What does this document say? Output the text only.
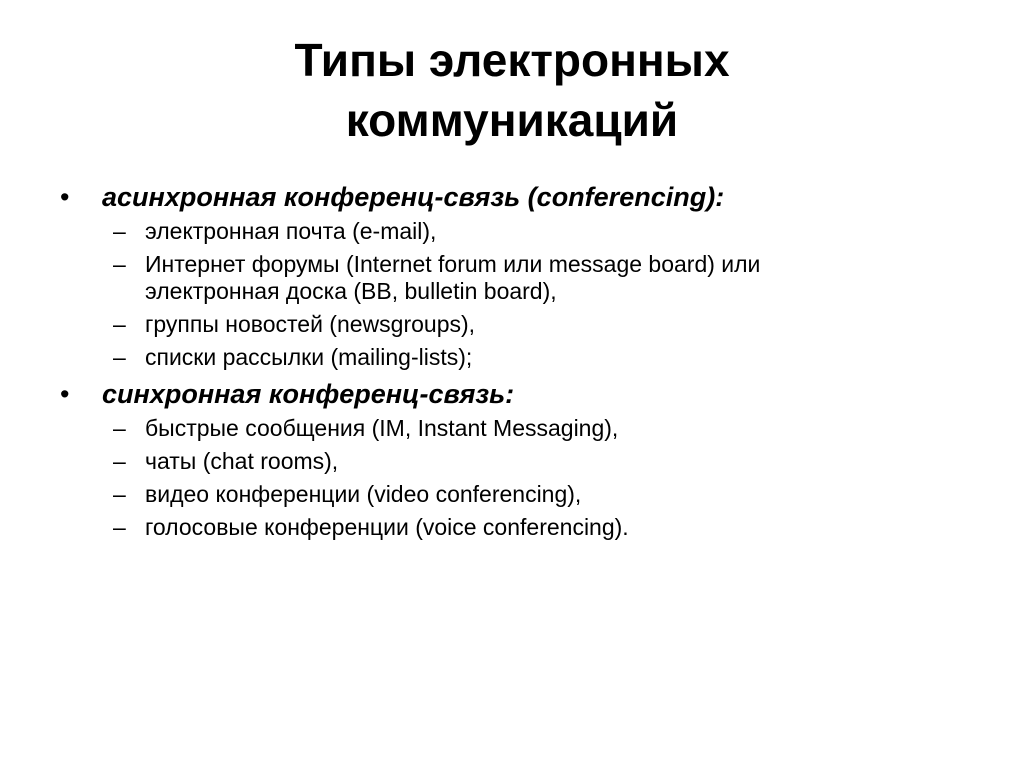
Типы электронных
коммуникаций
• асинхронная конференц-связь (conferencing):
– электронная почта (e-mail),
– Интернет форумы (Internet forum или message board) или
электронная доска (BB, bulletin board),
– группы новостей (newsgroups),
– списки рассылки (mailing-lists);
• синхронная конференц-связь:
– быстрые сообщения (IM, Instant Messaging),
– чаты (chat rooms),
– видео конференции (video conferencing),
– голосовые конференции (voice conferencing).
